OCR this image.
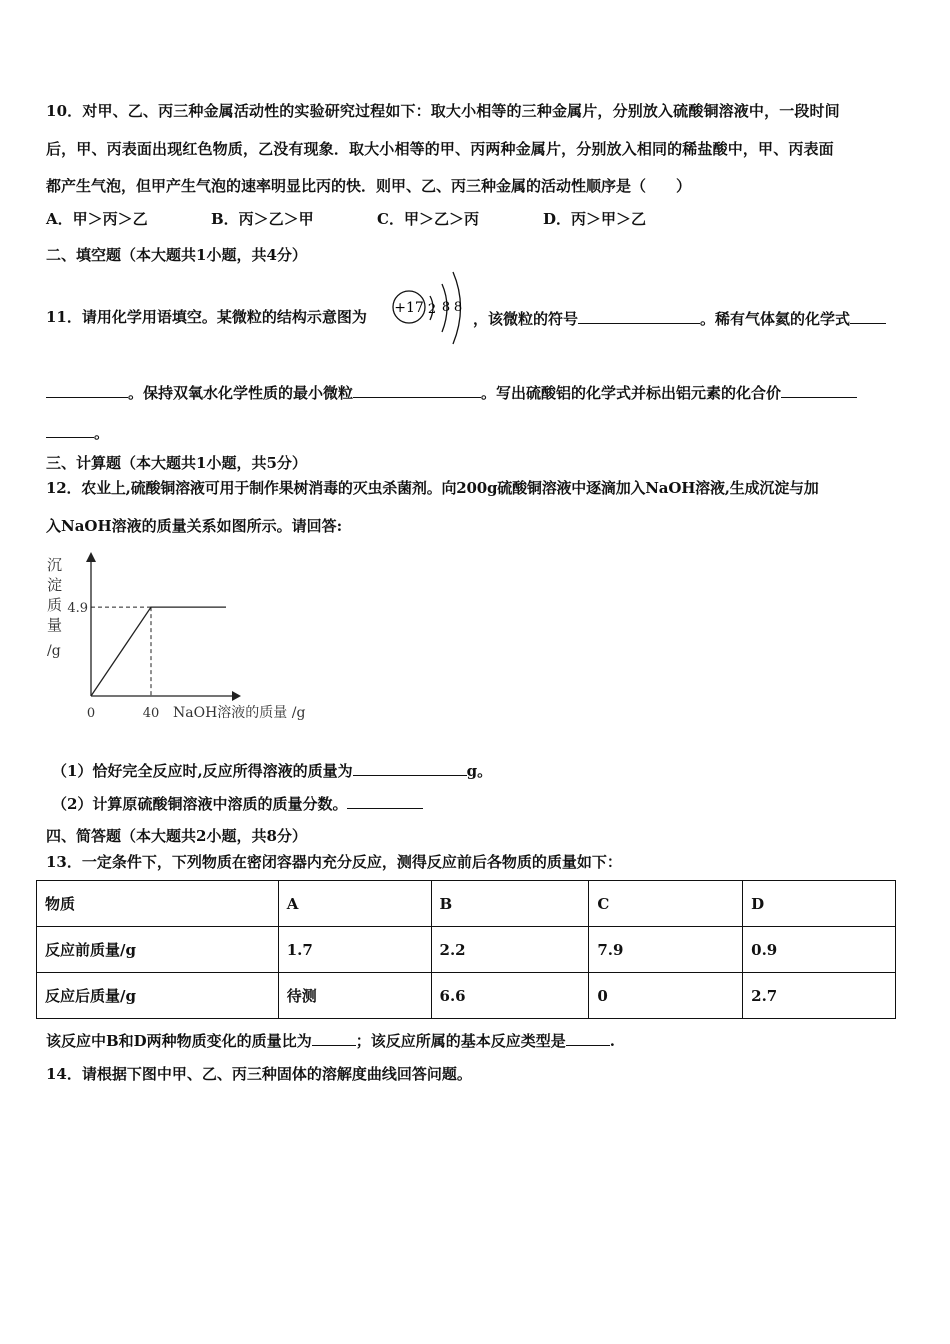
10．对甲、乙、丙三种金属活动性的实验研究过程如下：取大小相等的三种金属片，分别放入硫酸铜溶液中，一段时间
后，甲、丙表面出现红色物质，乙没有现象．取大小相等的甲、丙两种金属片，分别放入相同的稀盐酸中，甲、丙表面
都产生气泡，但甲产生气泡的速率明显比丙的快．则甲、乙、丙三种金属的活动性顺序是（　　）
A．甲＞丙＞乙	B．丙＞乙＞甲	C．甲＞乙＞丙	D．丙＞甲＞乙
二、填空题（本大题共1小题，共4分）
11．请用化学用语填空。某微粒的结构示意图为 +17 2 8 8
，该微粒的符号	。稀有气体氦的化学式
。保持双氧水化学性质的最小微粒	。写出硫酸铝的化学式并标出铝元素的化合价
。
三、计算题（本大题共1小题，共5分）
12．农业上,硫酸铜溶液可用于制作果树消毒的灭虫杀菌剂。向200g硫酸铜溶液中逐滴加入NaOH溶液,生成沉淀与加
入NaOH溶液的质量关系如图所示。请回答:
沉
淀
质
量
/g
4.9
0	40 NaOH溶液的质量 /g
（1）恰好完全反应时,反应所得溶液的质量为	g。
（2）计算原硫酸铜溶液中溶质的质量分数。
四、简答题（本大题共2小题，共8分）
13．一定条件下，下列物质在密闭容器内充分反应，测得反应前后各物质的质量如下：
物质	A	B	C	D
反应前质量/g	1.7	2.2	7.9	0.9
反应后质量/g	待测	6.6	0	2.7
该反应中B和D两种物质变化的质量比为	；该反应所属的基本反应类型是	.
14．请根据下图中甲、乙、丙三种固体的溶解度曲线回答问题。
